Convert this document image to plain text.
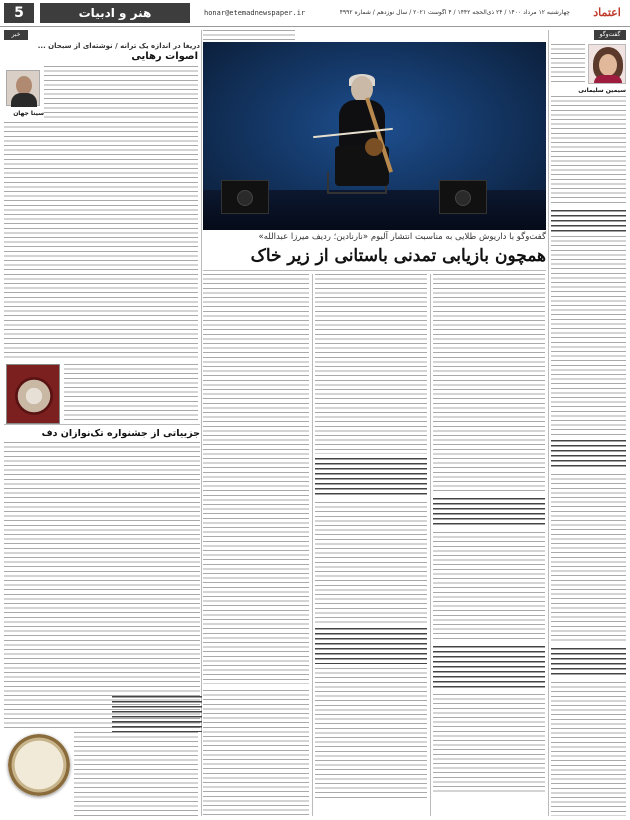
5	هنر و ادبیات	honar@etemadnewspaper.ir	چهارشنبه ۱۲ مرداد ۱۴۰۰ / ۲۴ ذی‌الحجه ۱۴۴۲ / ۴ آگوست ۲۰۲۱ / سال نوزدهم / شماره ۴۹۹۲ اعتماد
خبر
دریغا در اندازه یک ترانه / نوشته‌ای از سبحان ...
اصوات رهایی
سینا جهان‌
جزییاتی از جشنواره تک‌نوازان دف
گفت‌وگو با داریوش طلایی به مناسبت انتشار آلبوم «نارنادین؛ ردیف میرزا عبدالله»
همچون بازیابی تمدنی باستانی از زیر خاک
گفت‌وگو
سیمین سلیمانی
